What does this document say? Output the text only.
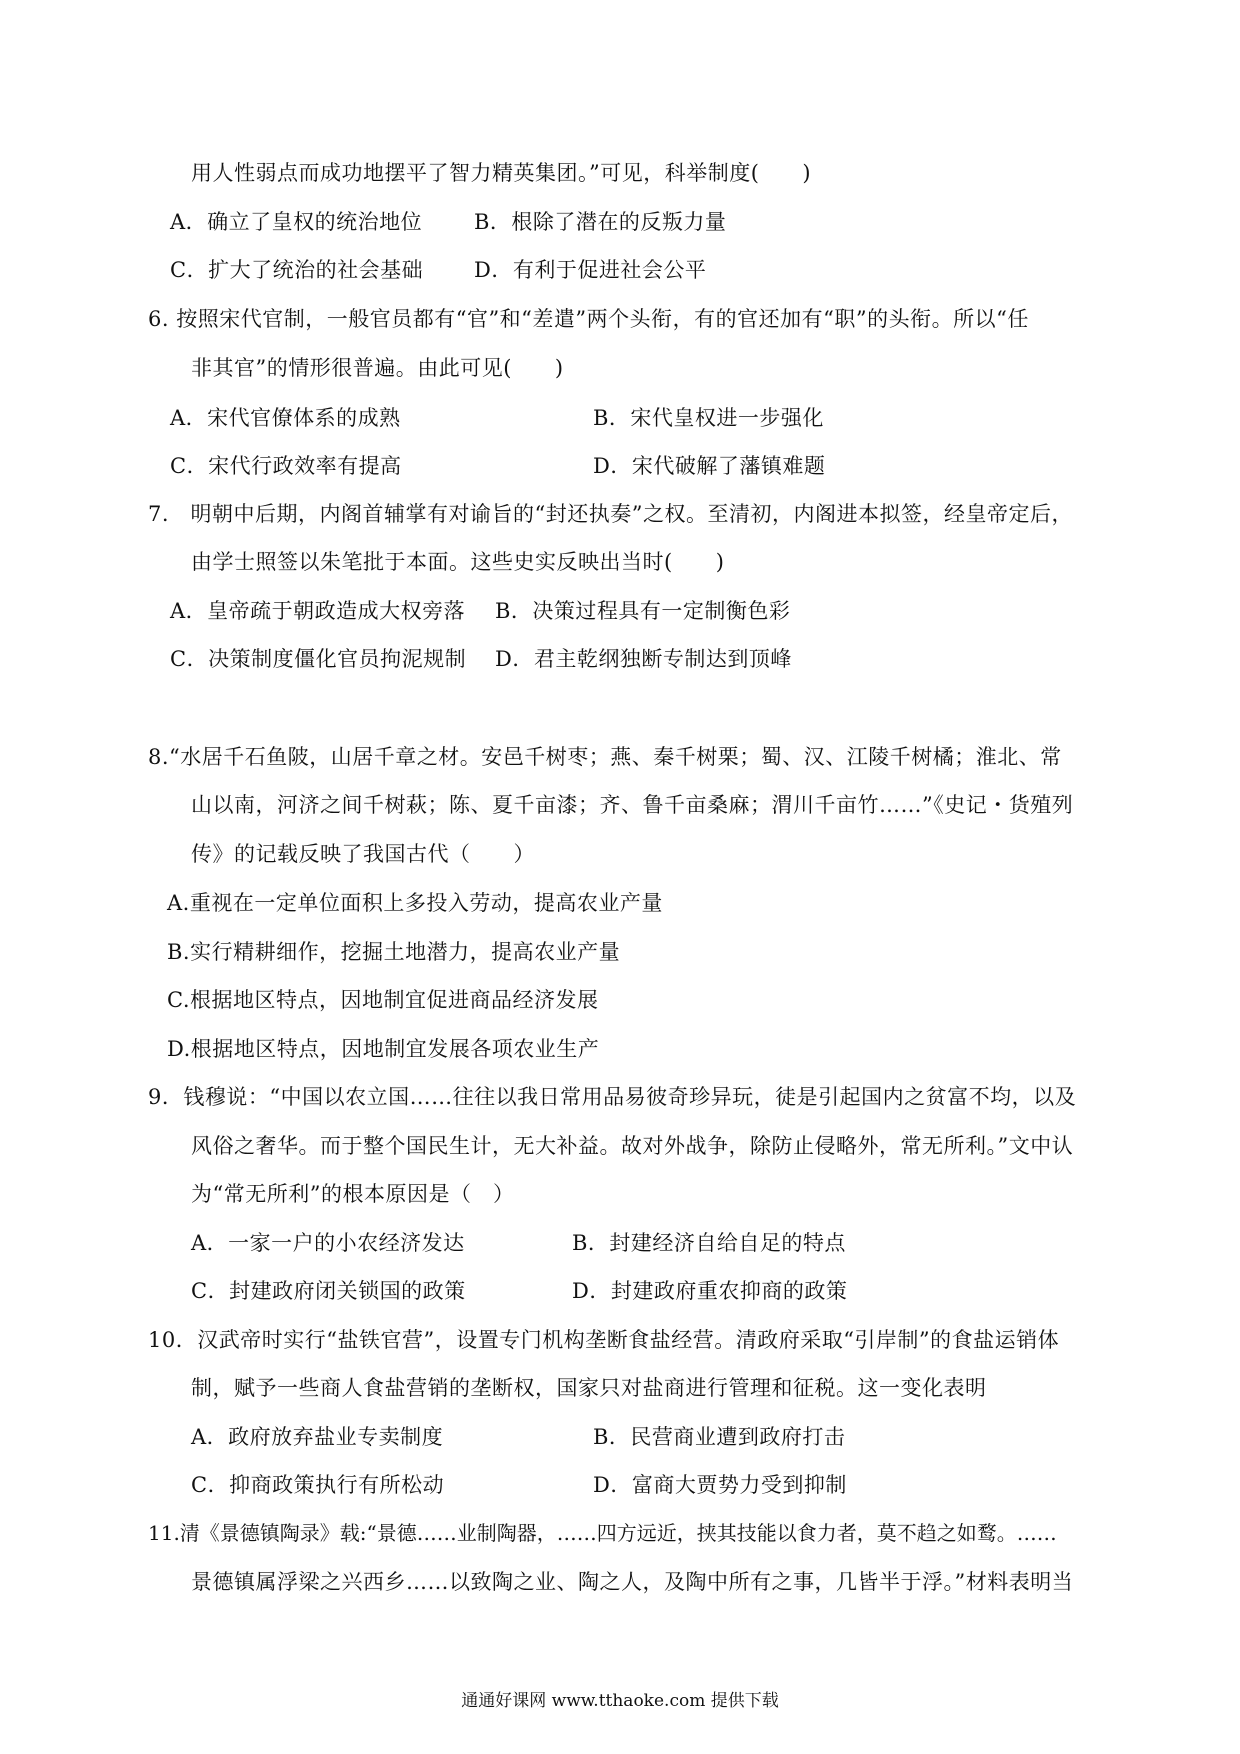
用人性弱点而成功地摆平了智力精英集团。”可见，科举制度(　　)
A．确立了皇权的统治地位 B．根除了潜在的反叛力量
C．扩大了统治的社会基础 D．有利于促进社会公平
6. 按照宋代官制，一般官员都有“官”和“差遣”两个头衔，有的官还加有“职”的头衔。所以“任
非其官”的情形很普遍。由此可见(　　)
A．宋代官僚体系的成熟	B．宋代皇权进一步强化
C．宋代行政效率有提高	D．宋代破解了藩镇难题
7.　明朝中后期，内阁首辅掌有对谕旨的“封还执奏”之权。至清初，内阁进本拟签，经皇帝定后，
由学士照签以朱笔批于本面。这些史实反映出当时(　　)
A．皇帝疏于朝政造成大权旁落 B．决策过程具有一定制衡色彩
C．决策制度僵化官员拘泥规制 D．君主乾纲独断专制达到顶峰
8.“水居千石鱼陂，山居千章之材。安邑千树枣；燕、秦千树栗；蜀、汉、江陵千树橘；淮北、常
山以南，河济之间千树萩；陈、夏千亩漆；齐、鲁千亩桑麻；渭川千亩竹……”《史记・货殖列
传》的记载反映了我国古代（　　）
A.重视在一定单位面积上多投入劳动，提高农业产量
B.实行精耕细作，挖掘土地潜力，提高农业产量
C.根据地区特点，因地制宜促进商品经济发展
D.根据地区特点，因地制宜发展各项农业生产
9．钱穆说：“中国以农立国……往往以我日常用品易彼奇珍异玩，徒是引起国内之贫富不均，以及
风俗之奢华。而于整个国民生计，无大补益。故对外战争，除防止侵略外，常无所利。”文中认
为“常无所利”的根本原因是（　）
A．一家一户的小农经济发达	B．封建经济自给自足的特点
C．封建政府闭关锁国的政策	D．封建政府重农抑商的政策
10．汉武帝时实行“盐铁官营”，设置专门机构垄断食盐经营。清政府采取“引岸制”的食盐运销体
制，赋予一些商人食盐营销的垄断权，国家只对盐商进行管理和征税。这一变化表明
A．政府放弃盐业专卖制度	B．民营商业遭到政府打击
C．抑商政策执行有所松动	D．富商大贾势力受到抑制
11.清《景德镇陶录》载:“景德……业制陶器，……四方远近，挟其技能以食力者，莫不趋之如鹜。……
景德镇属浮梁之兴西乡……以致陶之业、陶之人，及陶中所有之事，几皆半于浮。”材料表明当
通通好课网 www.tthaoke.com 提供下载
